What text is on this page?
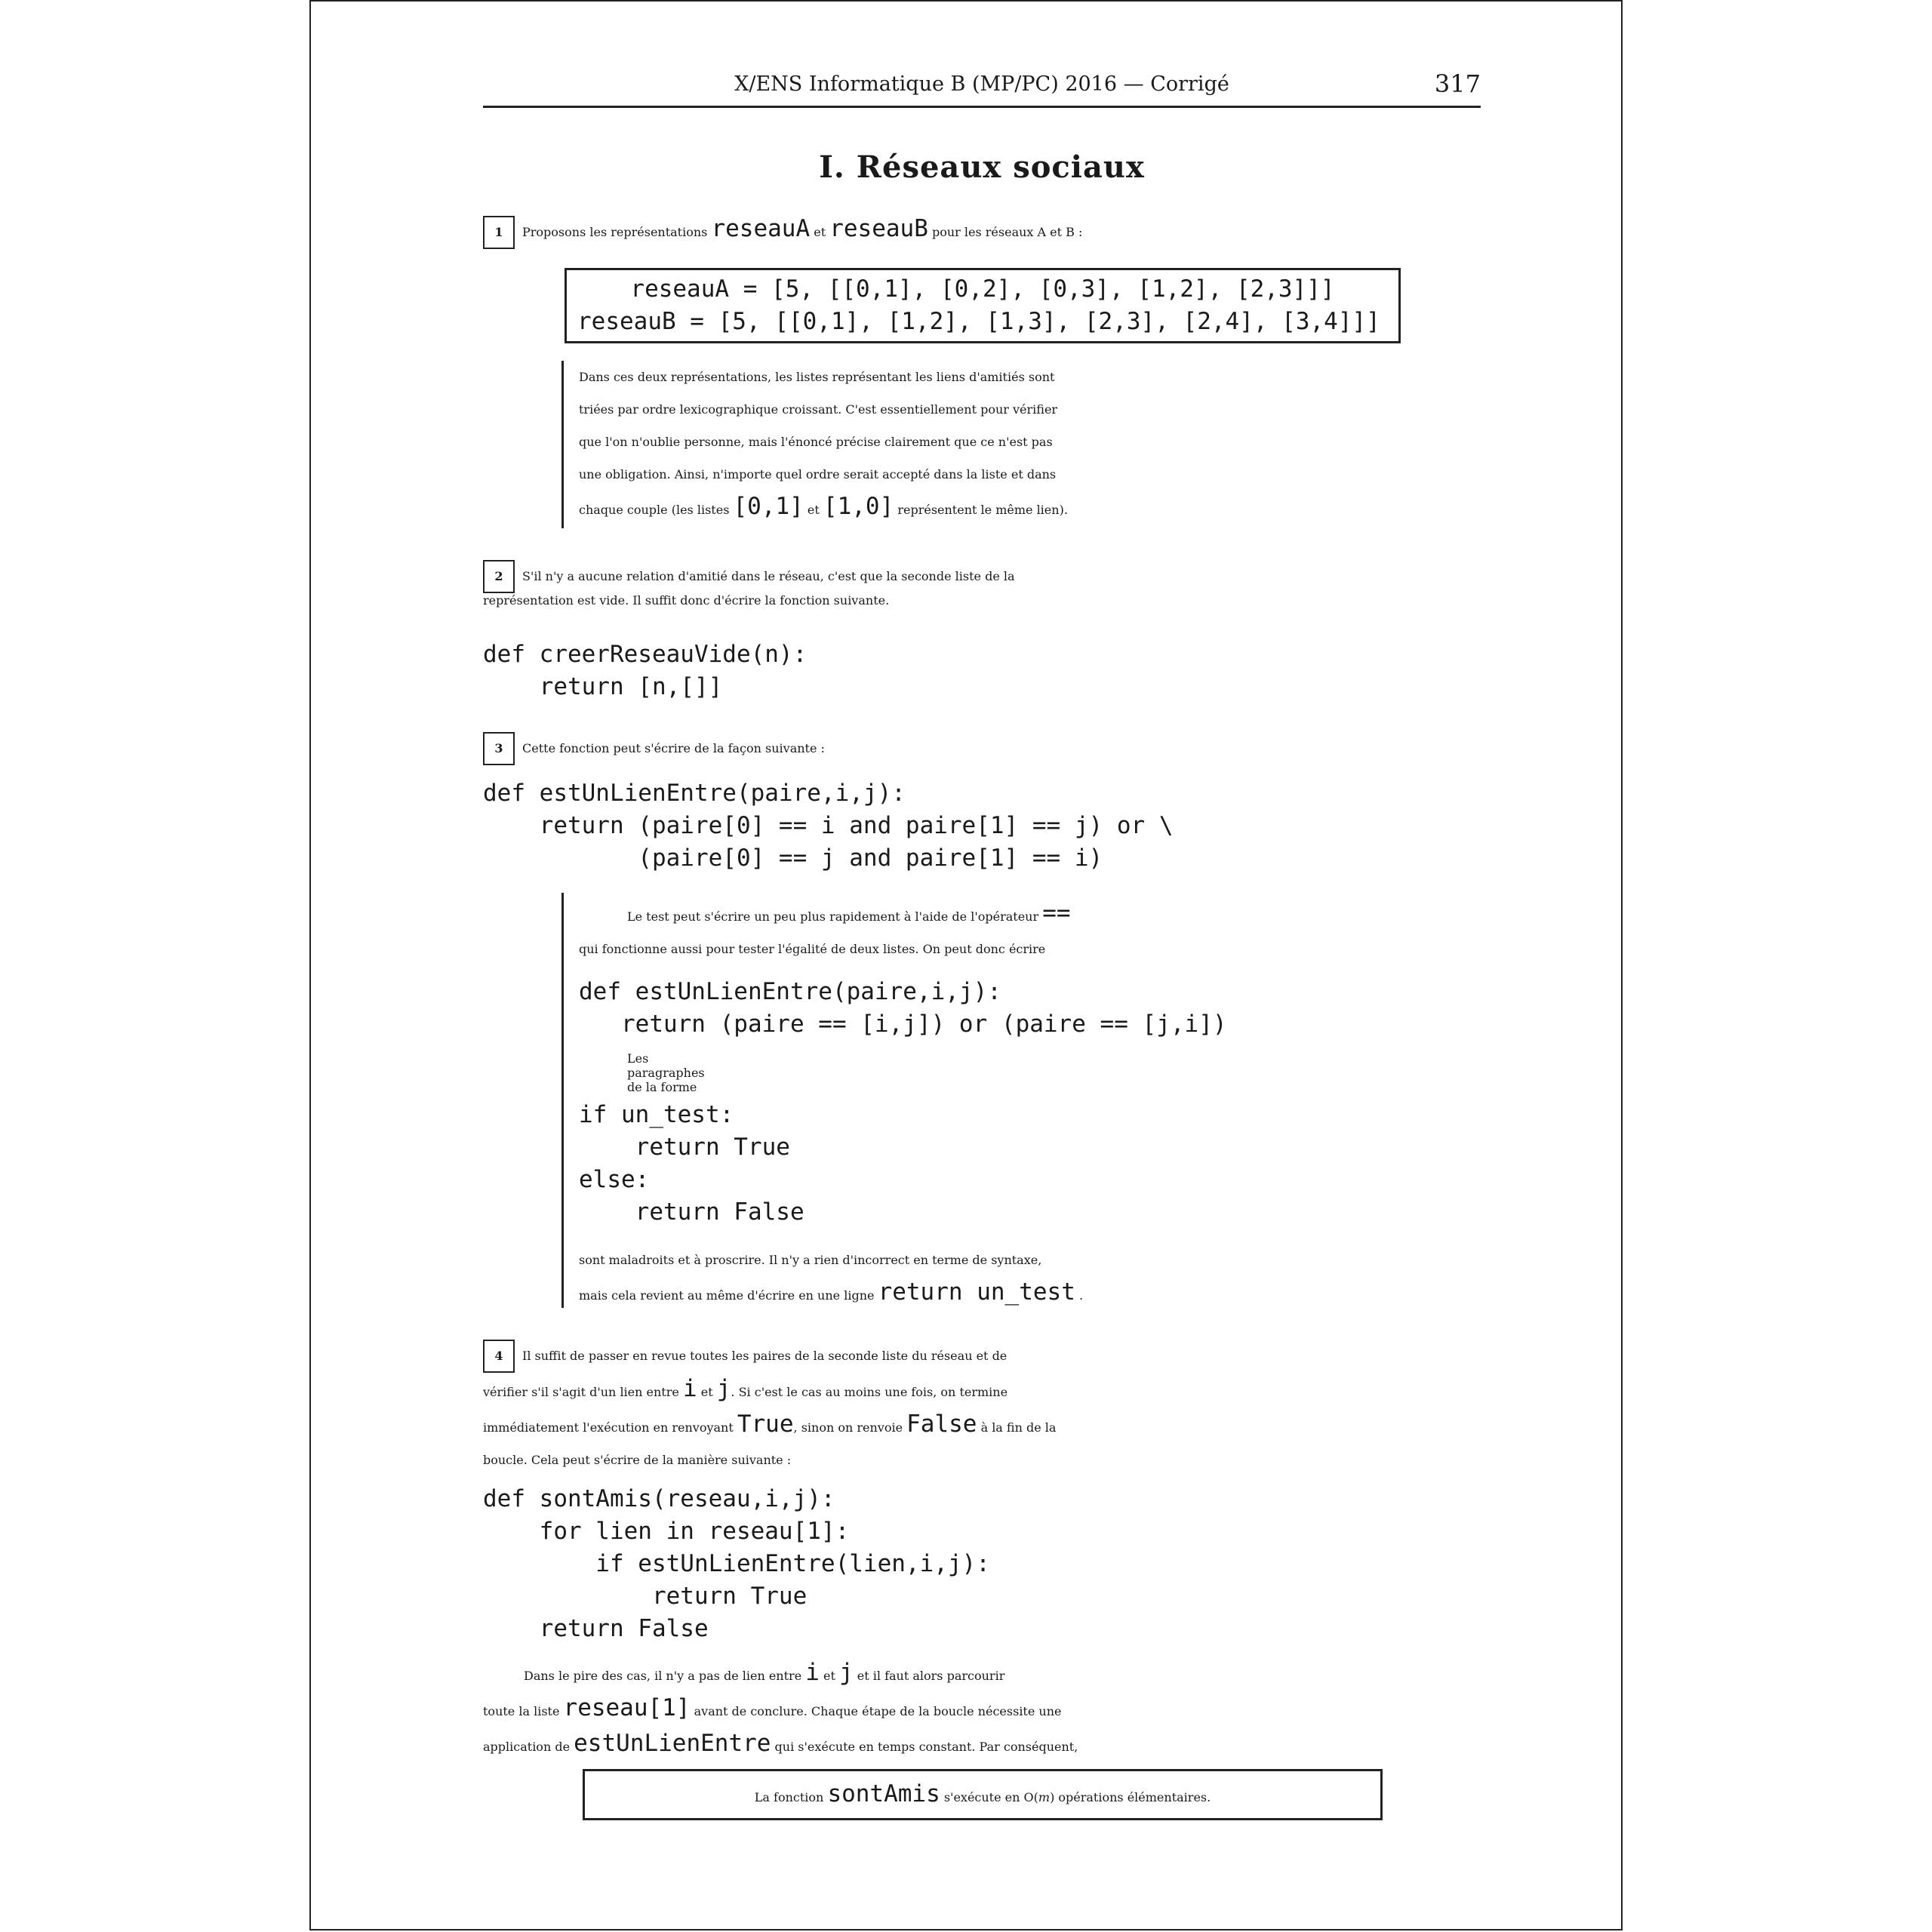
X/ENS Informatique B (MP/PC) 2016 — Corrigé	317
I. Réseaux sociaux
1 Proposons les représentations reseauA et reseauB pour les réseaux A et B :
reseauA = [5, [[0,1], [0,2], [0,3], [1,2], [2,3]]]
reseauB = [5, [[0,1], [1,2], [1,3], [2,3], [2,4], [3,4]]]
Dans ces deux représentations, les listes représentant les liens d'amitiés sont
triées par ordre lexicographique croissant. C'est essentiellement pour vérifier
que l'on n'oublie personne, mais l'énoncé précise clairement que ce n'est pas
une obligation. Ainsi, n'importe quel ordre serait accepté dans la liste et dans
chaque couple (les listes [0,1] et [1,0] représentent le même lien).
2 S'il n'y a aucune relation d'amitié dans le réseau, c'est que la seconde liste de la
représentation est vide. Il suffit donc d'écrire la fonction suivante.
def creerReseauVide(n):
return [n,[]]
3 Cette fonction peut s'écrire de la façon suivante :
def estUnLienEntre(paire,i,j):
return (paire[0] == i and paire[1] == j) or \
(paire[0] == j and paire[1] == i)
Le test peut s'écrire un peu plus rapidement à l'aide de l'opérateur ==
qui fonctionne aussi pour tester l'égalité de deux listes. On peut donc écrire
def estUnLienEntre(paire,i,j):
return (paire == [i,j]) or (paire == [j,i])
Les paragraphes de la forme
if un_test:
return True
else:
return False
sont maladroits et à proscrire. Il n'y a rien d'incorrect en terme de syntaxe,
mais cela revient au même d'écrire en une ligne return un_test .
4 Il suffit de passer en revue toutes les paires de la seconde liste du réseau et de
vérifier s'il s'agit d'un lien entre i et j. Si c'est le cas au moins une fois, on termine
immédiatement l'exécution en renvoyant True, sinon on renvoie False à la fin de la
boucle. Cela peut s'écrire de la manière suivante :
def sontAmis(reseau,i,j):
for lien in reseau[1]:
if estUnLienEntre(lien,i,j):
return True
return False
Dans le pire des cas, il n'y a pas de lien entre i et j et il faut alors parcourir
toute la liste reseau[1] avant de conclure. Chaque étape de la boucle nécessite une
application de estUnLienEntre qui s'exécute en temps constant. Par conséquent,
La fonction sontAmis s'exécute en O(m) opérations élémentaires.
